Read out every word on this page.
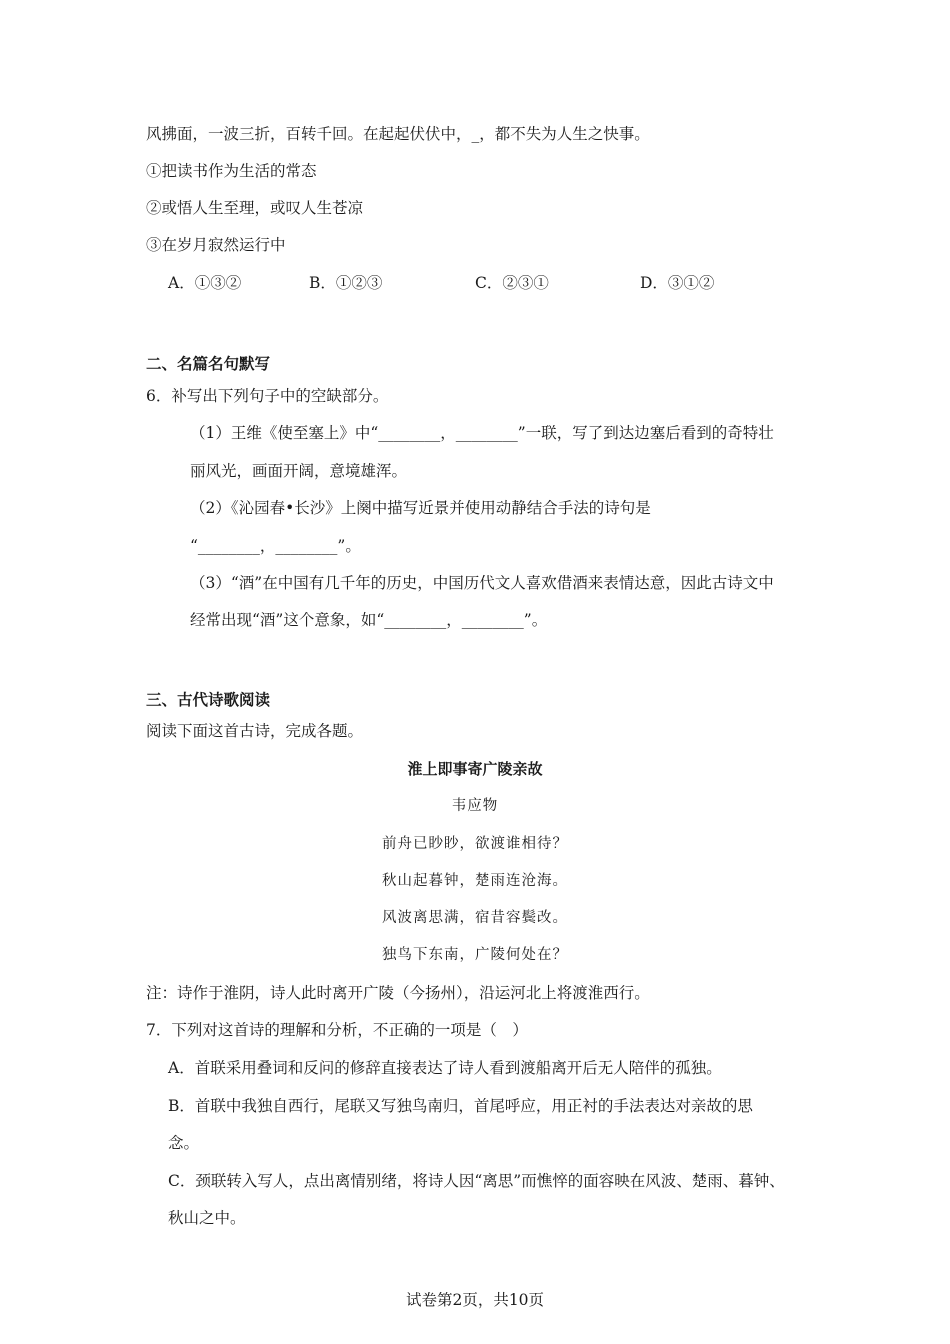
风拂面，一波三折，百转千回。在起起伏伏中，_，都不失为人生之快事。
①把读书作为生活的常态
②或悟人生至理，或叹人生苍凉
③在岁月寂然运行中
A．①③②	B．①②③	C．②③①	D．③①②
二、名篇名句默写
6．补写出下列句子中的空缺部分。
（1）王维《使至塞上》中“________，________”一联，写了到达边塞后看到的奇特壮
丽风光，画面开阔，意境雄浑。
（2）《沁园春•长沙》上阕中描写近景并使用动静结合手法的诗句是
“________，________”。
（3）“酒”在中国有几千年的历史，中国历代文人喜欢借酒来表情达意，因此古诗文中
经常出现“酒”这个意象，如“________，________”。
三、古代诗歌阅读
阅读下面这首古诗，完成各题。
淮上即事寄广陵亲故
韦应物
前舟已眇眇，欲渡谁相待？
秋山起暮钟，楚雨连沧海。
风波离思满，宿昔容鬓改。
独鸟下东南，广陵何处在？
注：诗作于淮阴，诗人此时离开广陵（今扬州），沿运河北上将渡淮西行。
7．下列对这首诗的理解和分析，不正确的一项是（　）
A．首联采用叠词和反问的修辞直接表达了诗人看到渡船离开后无人陪伴的孤独。
B．首联中我独自西行，尾联又写独鸟南归，首尾呼应，用正衬的手法表达对亲故的思
念。
C．颈联转入写人，点出离情别绪，将诗人因“离思”而憔悴的面容映在风波、楚雨、暮钟、
秋山之中。
试卷第2页，共10页
